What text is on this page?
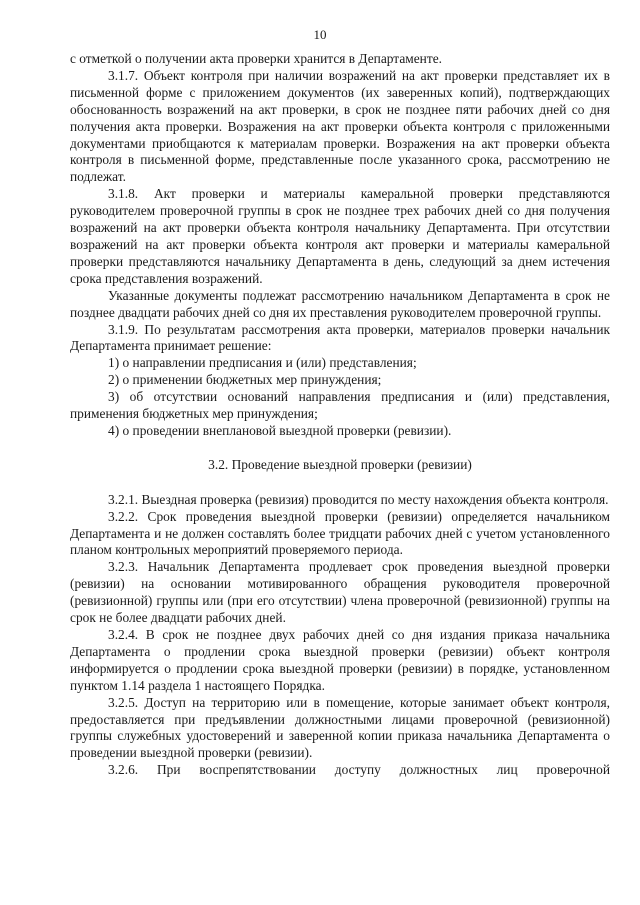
10

с отметкой о получении акта проверки хранится в Департаменте.

3.1.7. Объект контроля при наличии возражений на акт проверки представляет их в письменной форме с приложением документов (их заверенных копий), подтверждающих обоснованность возражений на акт проверки, в срок не позднее пяти рабочих дней со дня получения акта проверки. Возражения на акт проверки объекта контроля с приложенными документами приобщаются к материалам проверки. Возражения на акт проверки объекта контроля в письменной форме, представленные после указанного срока, рассмотрению не подлежат.

3.1.8. Акт проверки и материалы камеральной проверки представляются руководителем проверочной группы в срок не позднее трех рабочих дней со дня получения возражений на акт проверки объекта контроля начальнику Департамента. При отсутствии возражений на акт проверки объекта контроля акт проверки и материалы камеральной проверки представляются начальнику Департамента в день, следующий за днем истечения срока представления возражений.

Указанные документы подлежат рассмотрению начальником Департамента в срок не позднее двадцати рабочих дней со дня их преставления руководителем проверочной группы.

3.1.9. По результатам рассмотрения акта проверки, материалов проверки начальник Департамента принимает решение:

1) о направлении предписания и (или) представления;

2) о применении бюджетных мер принуждения;

3) об отсутствии оснований направления предписания и (или) представления, применения бюджетных мер принуждения;

4) о проведении внеплановой выездной проверки (ревизии).

3.2. Проведение выездной проверки (ревизии)

3.2.1. Выездная проверка (ревизия) проводится по месту нахождения объекта контроля.

3.2.2. Срок проведения выездной проверки (ревизии) определяется начальником Департамента и не должен составлять более тридцати рабочих дней с учетом установленного планом контрольных мероприятий проверяемого периода.

3.2.3. Начальник Департамента продлевает срок проведения выездной проверки (ревизии) на основании мотивированного обращения руководителя проверочной (ревизионной) группы или (при его отсутствии) члена проверочной (ревизионной) группы на срок не более двадцати рабочих дней.

3.2.4. В срок не позднее двух рабочих дней со дня издания приказа начальника Департамента о продлении срока выездной проверки (ревизии) объект контроля информируется о продлении срока выездной проверки (ревизии) в порядке, установленном пунктом 1.14 раздела 1 настоящего Порядка.

3.2.5. Доступ на территорию или в помещение, которые занимает объект контроля, предоставляется при предъявлении должностными лицами проверочной (ревизионной) группы служебных удостоверений и заверенной копии приказа начальника Департамента о проведении выездной проверки (ревизии).

3.2.6. При воспрепятствовании доступу должностных лиц проверочной
